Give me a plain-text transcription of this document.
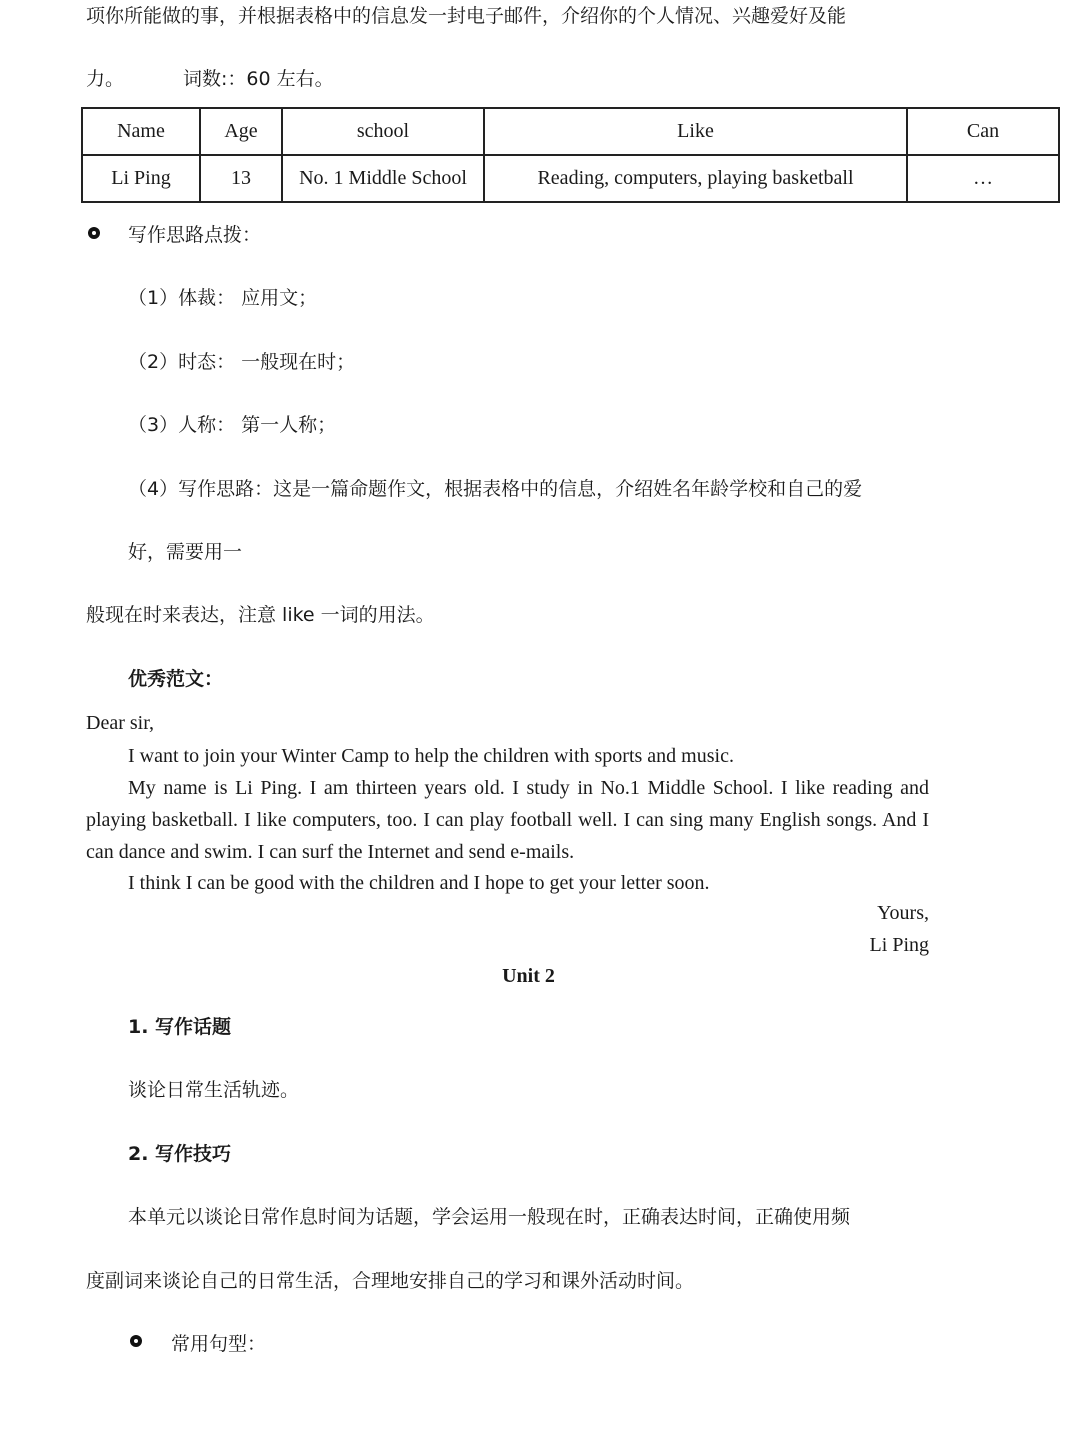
项你所能做的事，并根据表格中的信息发一封电子邮件，介绍你的个人情况、兴趣爱好及能
力。	词数:：60 左右。
Name	Age	school	Like	Can
Li Ping	13	No. 1 Middle School	Reading, computers, playing basketball	…
写作思路点拨：
（1）体裁： 应用文；
（2）时态： 一般现在时；
（3）人称： 第一人称；
（4）写作思路：这是一篇命题作文，根据表格中的信息，介绍姓名年龄学校和自己的爱
好，需要用一
般现在时来表达，注意 like 一词的用法。
优秀范文：
Dear sir,
I want to join your Winter Camp to help the children with sports and music.
My name is Li Ping. I am thirteen years old. I study in No.1 Middle School. I like reading and playing basketball. I like computers, too. I can play football well. I can sing many English songs. And I can dance and swim. I can surf the Internet and send e-mails.
I think I can be good with the children and I hope to get your letter soon.
Yours,
Li Ping
Unit 2
1. 写作话题
谈论日常生活轨迹。
2. 写作技巧
本单元以谈论日常作息时间为话题，学会运用一般现在时，正确表达时间，正确使用频
度副词来谈论自己的日常生活，合理地安排自己的学习和课外活动时间。
常用句型：
